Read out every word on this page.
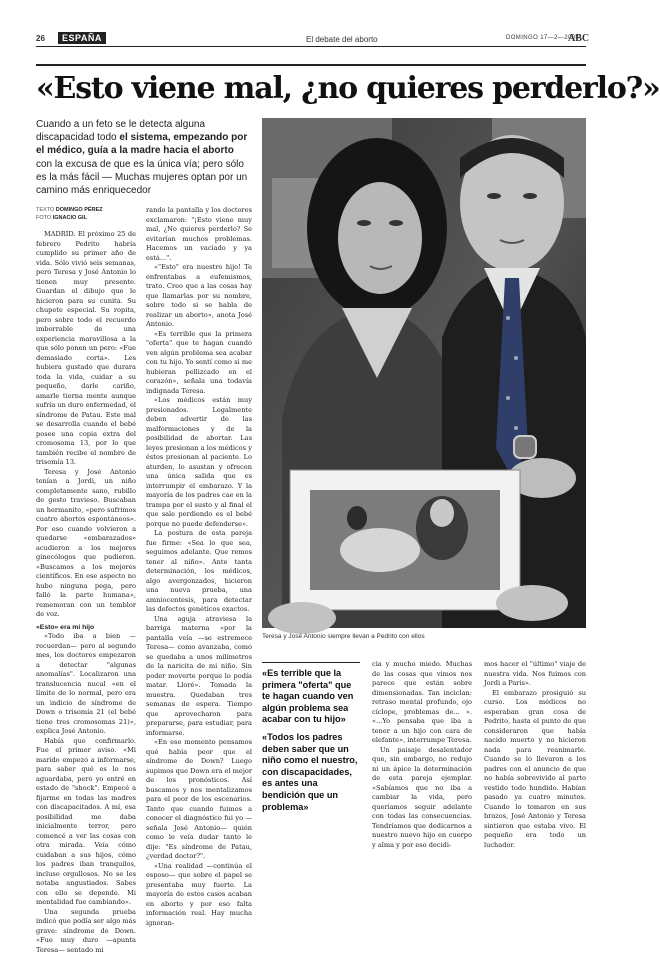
26	ESPAÑA	El debate del aborto	DOMINGO 17—2—2008
ABC
«Esto viene mal, ¿no quieres perderlo?»
Cuando a un feto se le detecta alguna discapacidad todo el sistema, empezando por el médico, guía a la madre hacia el aborto con la excusa de que es la única vía; pero sólo es la más fácil — Muchas mujeres optan por un camino más enriquecedor
TEXTO DOMINGO PÉREZ
FOTO IGNACIO GIL
Teresa y José Antonio siempre llevan a Pedrito con ellos

MADRID. El próximo 25 de febrero Pedrito habría cumplido su primer año de vida. Sólo vivió seis semanas, pero Teresa y José Antonio lo tienen muy presente. Guardan el dibujo que le hicieron para su cunita. Su chupete especial. Su ropita, pero sobre todo el recuerdo imborrable de una experiencia maravillosa a la que sólo ponen un pero: «Fue demasiado corta». Les hubiera gustado que durara toda la vida, cuidar a su pequeño, darle cariño, amarle tierna mente aunque sufría un duro enfermedad, el síndrome de Patau. Este mal se desarrolla cuando el bebé posee una copia extra del cromosoma 13, por lo que también recibe el nombre de trisomía 13.

Teresa y José Antonio tenían a Jordi, un niño completamente sano, rubillo de gesto travieso. Buscaban un hermanito, «pero sufrimos cuatro abortos espontáneos». Por eso cuando volvieron a quedarse «embarazados» acudieron a los mejores ginecólogos que pudieron. «Buscamos a los mejores científicos. En ese aspecto no hubo ninguna pega, pero falló la parte humana», rememoran con un temblor de voz.

«Esto» era mi hijo

«Todo iba a bien —recuerdan— pero al segundo mes, los doctores empezaron a detectar "algunas anomalías". Localizaron una translucencia nucal «en el límite de lo normal, pero era un indicio de síndrome de Down o trisomía 21 (el bebé tiene tres cromosomas 21)», explica José Antonio.

Había que confirmarlo. Fue el primer aviso. «Mi marido empezó a informarse, para saber qué es lo nos aguardaba, pero yo entré en estado de "shock". Empecé a fijarme en todas las madres con discapacitados. A mí, esa posibilidad me daba inicialmente terror, pero comencé a ver las cosas con otra mirada. Veía cómo cuidaban a sus hijos, cómo los padres iban tranquilos, incluso orgullosos. No se les notaba angustiados. Sabes con ello se depende. Mi mentalidad fue cambiando».

Una segunda prueba indicó que podía ser algo más grave: síndrome de Down. «Fue muy duro —apunta Teresa— sentado mi

rando la pantalla y los doctores exclamaron: "¡Esto viene muy mal, ¿No quieres perderlo? Se evitarían muchos problemas. Hacemos un vaciado y ya está...".

«"Esto" era nuestro hijo! Te enfrentabas a eufemismos, trato. Creo que a las cosas hay que llamarlas por su nombre, sobre todo si se habla de realizar un aborto», anota José Antonio.

«Es terrible que la primera "oferta" que te hagan cuando ven algún problema sea acabar con tu hijo. Yo sentí como si me hubieran pellizcado en el corazón», señala una todavía indignada Teresa.

«Los médicos están muy presionados. Legalmente deben advertir de las malformaciones y de la posibilidad de abortar. Las leyes presionan a los médicos y éstos presionan al paciente. Lo aturden, lo asustan y ofrecen una única salida que es interrumpir el embarazo. Y la mayoría de los padres cae en la trampa por el susto y al final el que sale perdiendo es el bebé porque no puede defenderse».

La postura de esta pareja fue firme: «Sea lo que sea, seguimos adelante. Que remos tener al niño». Ante tanta determinación, los médicos, algo avergonzados, hicieron una nueva prueba, una amniocentesis, para detectar las defectos genéticos exactos.

Una aguja atraviesa la barriga materna «por la pantalla veía —se estremece Teresa— como avanzaba, como se quedaba a unos milímetros de la naricita de mi niño. Sin poder moverte porque lo podía matar. Lloré». Tomada la muestra. Quedaban tres semanas de espera. Tiempo que aprovecharon para prepararse, para estudiar, para informarse.

«En ese momento pensamos qué había peor que el síndrome de Down? Luego supimos que Down era el mejor de los pronósticos. Así buscamos y nos mentalizamos para el peor de los escenarios. Tanto que cuando fuimos a conocer el diagnóstico fui yo —señala José Antonio— quién como le veía dudar tanto le dije: "Es síndrome de Patau, ¿verdad doctor?".

«Una realidad —continúa el esposo— que sobre el papel se presentaba muy fuerte. La mayoría de estos casos acaban en aborto y por eso falta información real. Hay mucha ignoran-

«Es terrible que la primera "oferta" que te hagan cuando ven algún problema sea acabar con tu hijo»

«Todos los padres deben saber que un niño como el nuestro, con discapacidades, es antes una bendición que un problema»

cia y mucho miedo. Muchas de las cosas que vimos nos parece que están sobre dimensionadas. Tan inciclan: retraso mental profundo, ojo cíclope, problemas de... ». «...Yo pensaba que iba a tener a un hijo con cara de elefante», interrumpe Teresa.

Un paisaje desalentador que, sin embargo, no redujo ni un ápice la determinación de esta pareja ejemplar. «Sabíamos que no iba a cambiar la vida, pero queríamos seguir adelante con todas las consecuencias. Tendríamos que dedicarnos a nuestro nuevo hijo en cuerpo y alma y por eso decidi-

mos hacer el "último" viaje de nuestra vida. Nos fuimos con Jordi a París».

El embarazo prosiguió su curso. Los médicos no esperaban gran cosa de Pedrito, hasta el punto de que consideraron que había nacido muerto y no hicieron nada para reanimarle. Cuando se lo llevaron a los padres con el anuncio de que no había sobrevivido al parto vestido todo hundido. Habían pasado ya cuatro minutos. Cuando lo tomaron en sus brazos, José Antonio y Teresa sintieron que estaba vivo. El pequeño era todo un luchador.
